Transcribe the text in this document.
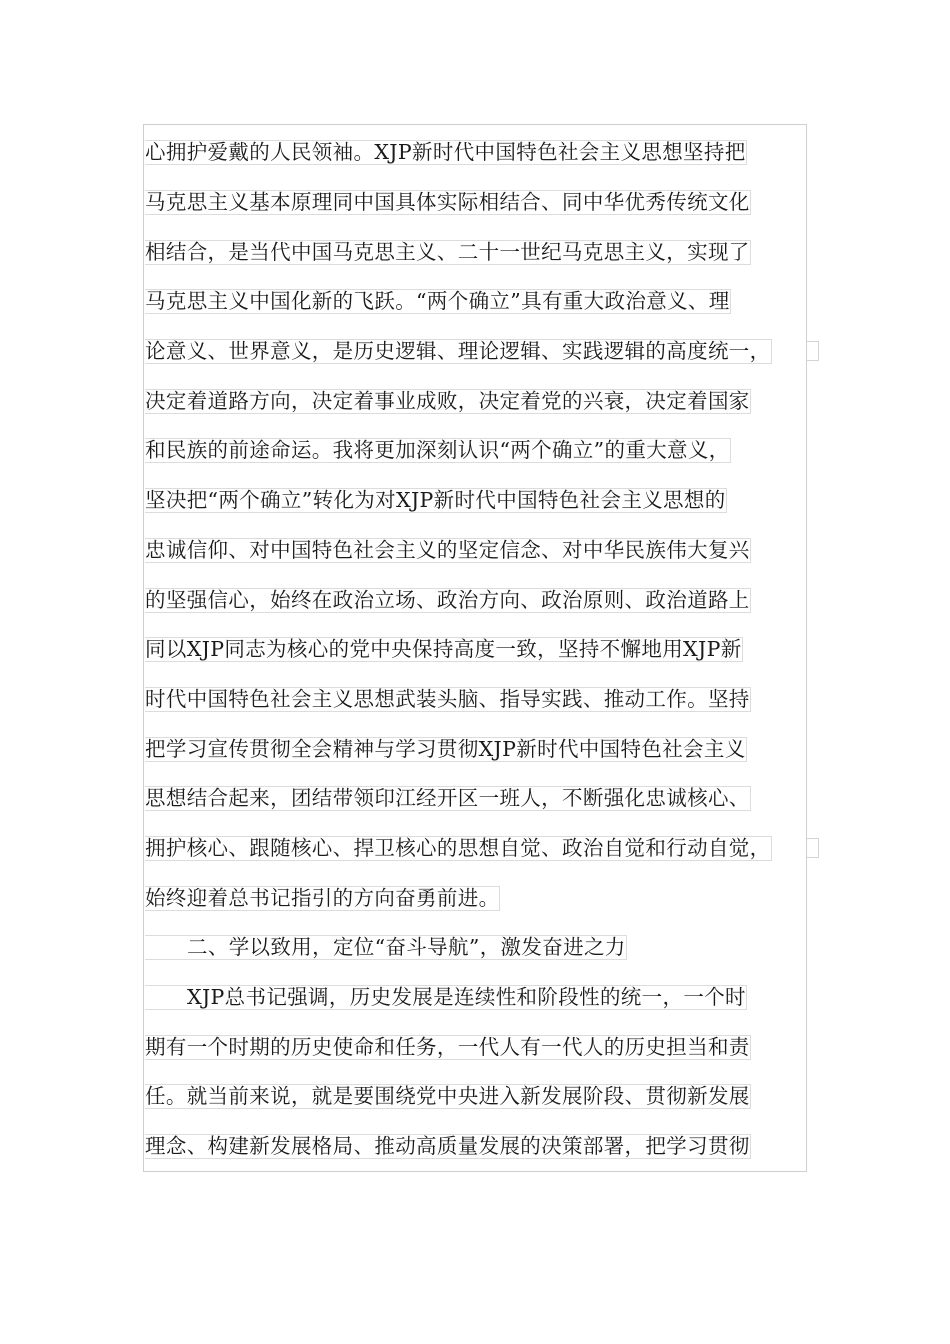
心拥护爱戴的人民领袖。XJP新时代中国特色社会主义思想坚持把
马克思主义基本原理同中国具体实际相结合、同中华优秀传统文化
相结合，是当代中国马克思主义、二十一世纪马克思主义，实现了
马克思主义中国化新的飞跃。“两个确立”具有重大政治意义、理
论意义、世界意义，是历史逻辑、理论逻辑、实践逻辑的高度统一，
决定着道路方向，决定着事业成败，决定着党的兴衰，决定着国家
和民族的前途命运。我将更加深刻认识“两个确立”的重大意义，
坚决把“两个确立”转化为对XJP新时代中国特色社会主义思想的
忠诚信仰、对中国特色社会主义的坚定信念、对中华民族伟大复兴
的坚强信心，始终在政治立场、政治方向、政治原则、政治道路上
同以XJP同志为核心的党中央保持高度一致，坚持不懈地用XJP新
时代中国特色社会主义思想武装头脑、指导实践、推动工作。坚持
把学习宣传贯彻全会精神与学习贯彻XJP新时代中国特色社会主义
思想结合起来，团结带领印江经开区一班人，不断强化忠诚核心、
拥护核心、跟随核心、捍卫核心的思想自觉、政治自觉和行动自觉，
始终迎着总书记指引的方向奋勇前进。
二、学以致用，定位“奋斗导航”，激发奋进之力
XJP总书记强调，历史发展是连续性和阶段性的统一，一个时
期有一个时期的历史使命和任务，一代人有一代人的历史担当和责
任。就当前来说，就是要围绕党中央进入新发展阶段、贯彻新发展
理念、构建新发展格局、推动高质量发展的决策部署，把学习贯彻
